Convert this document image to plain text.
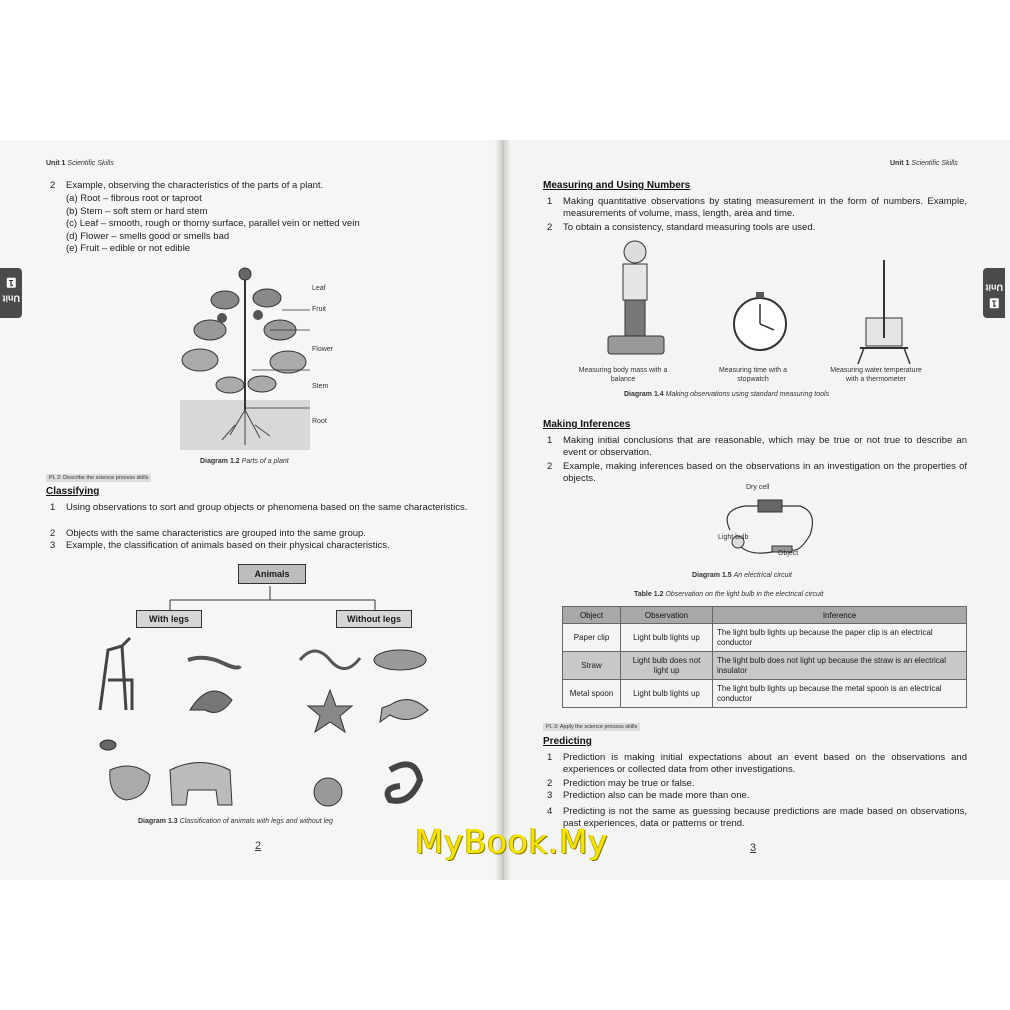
Unit 1 Scientific Skills
Unit1
2	Example, observing the characteristics of the parts of a plant.
(a) Root – fibrous root or taproot
(b) Stem – soft stem or hard stem
(c) Leaf – smooth, rough or thorny surface, parallel vein or netted vein
(d) Flower – smells good or smells bad
(e) Fruit – edible or not edible
Leaf
Fruit
Flower
Stem
Root
Diagram 1.2 Parts of a plant
PL 2: Describe the science process skills
Classifying
1	Using observations to sort and group objects or phenomena based on the same characteristics.
2	Objects with the same characteristics are grouped into the same group.
3	Example, the classification of animals based on their physical characteristics.
Animals
With legs	Without legs
Diagram 1.3 Classification of animals with legs and without leg
2
Unit 1 Scientific Skills
Unit1
Measuring and Using Numbers
1	Making quantitative observations by stating measurement in the form of numbers. Example, measurements of volume, mass, length, area and time.
2	To obtain a consistency, standard measuring tools are used.
Measuring body mass with a balance
Measuring time with a stopwatch
Measuring water temperature with a thermometer
Diagram 1.4 Making observations using standard measuring tools
Making Inferences
1	Making initial conclusions that are reasonable, which may be true or not true to describe an event or observation.
2	Example, making inferences based on the observations in an investigation on the properties of objects.
Dry cell
Light bulb
Object
Diagram 1.5 An electrical circuit
Table 1.2 Observation on the light bulb in the electrical circuit
Object	Observation	Inference
Paper clip	Light bulb lights up	The light bulb lights up because the paper clip is an electrical conductor
Straw	Light bulb does not light up	The light bulb does not light up because the straw is an electrical insulator
Metal spoon	Light bulb lights up	The light bulb lights up because the metal spoon is an electrical conductor
PL 3: Apply the science process skills
Predicting
1	Prediction is making initial expectations about an event based on the observations and experiences or collected data from other investigations.
2	Prediction may be true or false.
3	Prediction also can be made more than one.
4	Predicting is not the same as guessing because predictions are made based on observations, past experiences, data or patterns or trend.
3
MyBook.My
